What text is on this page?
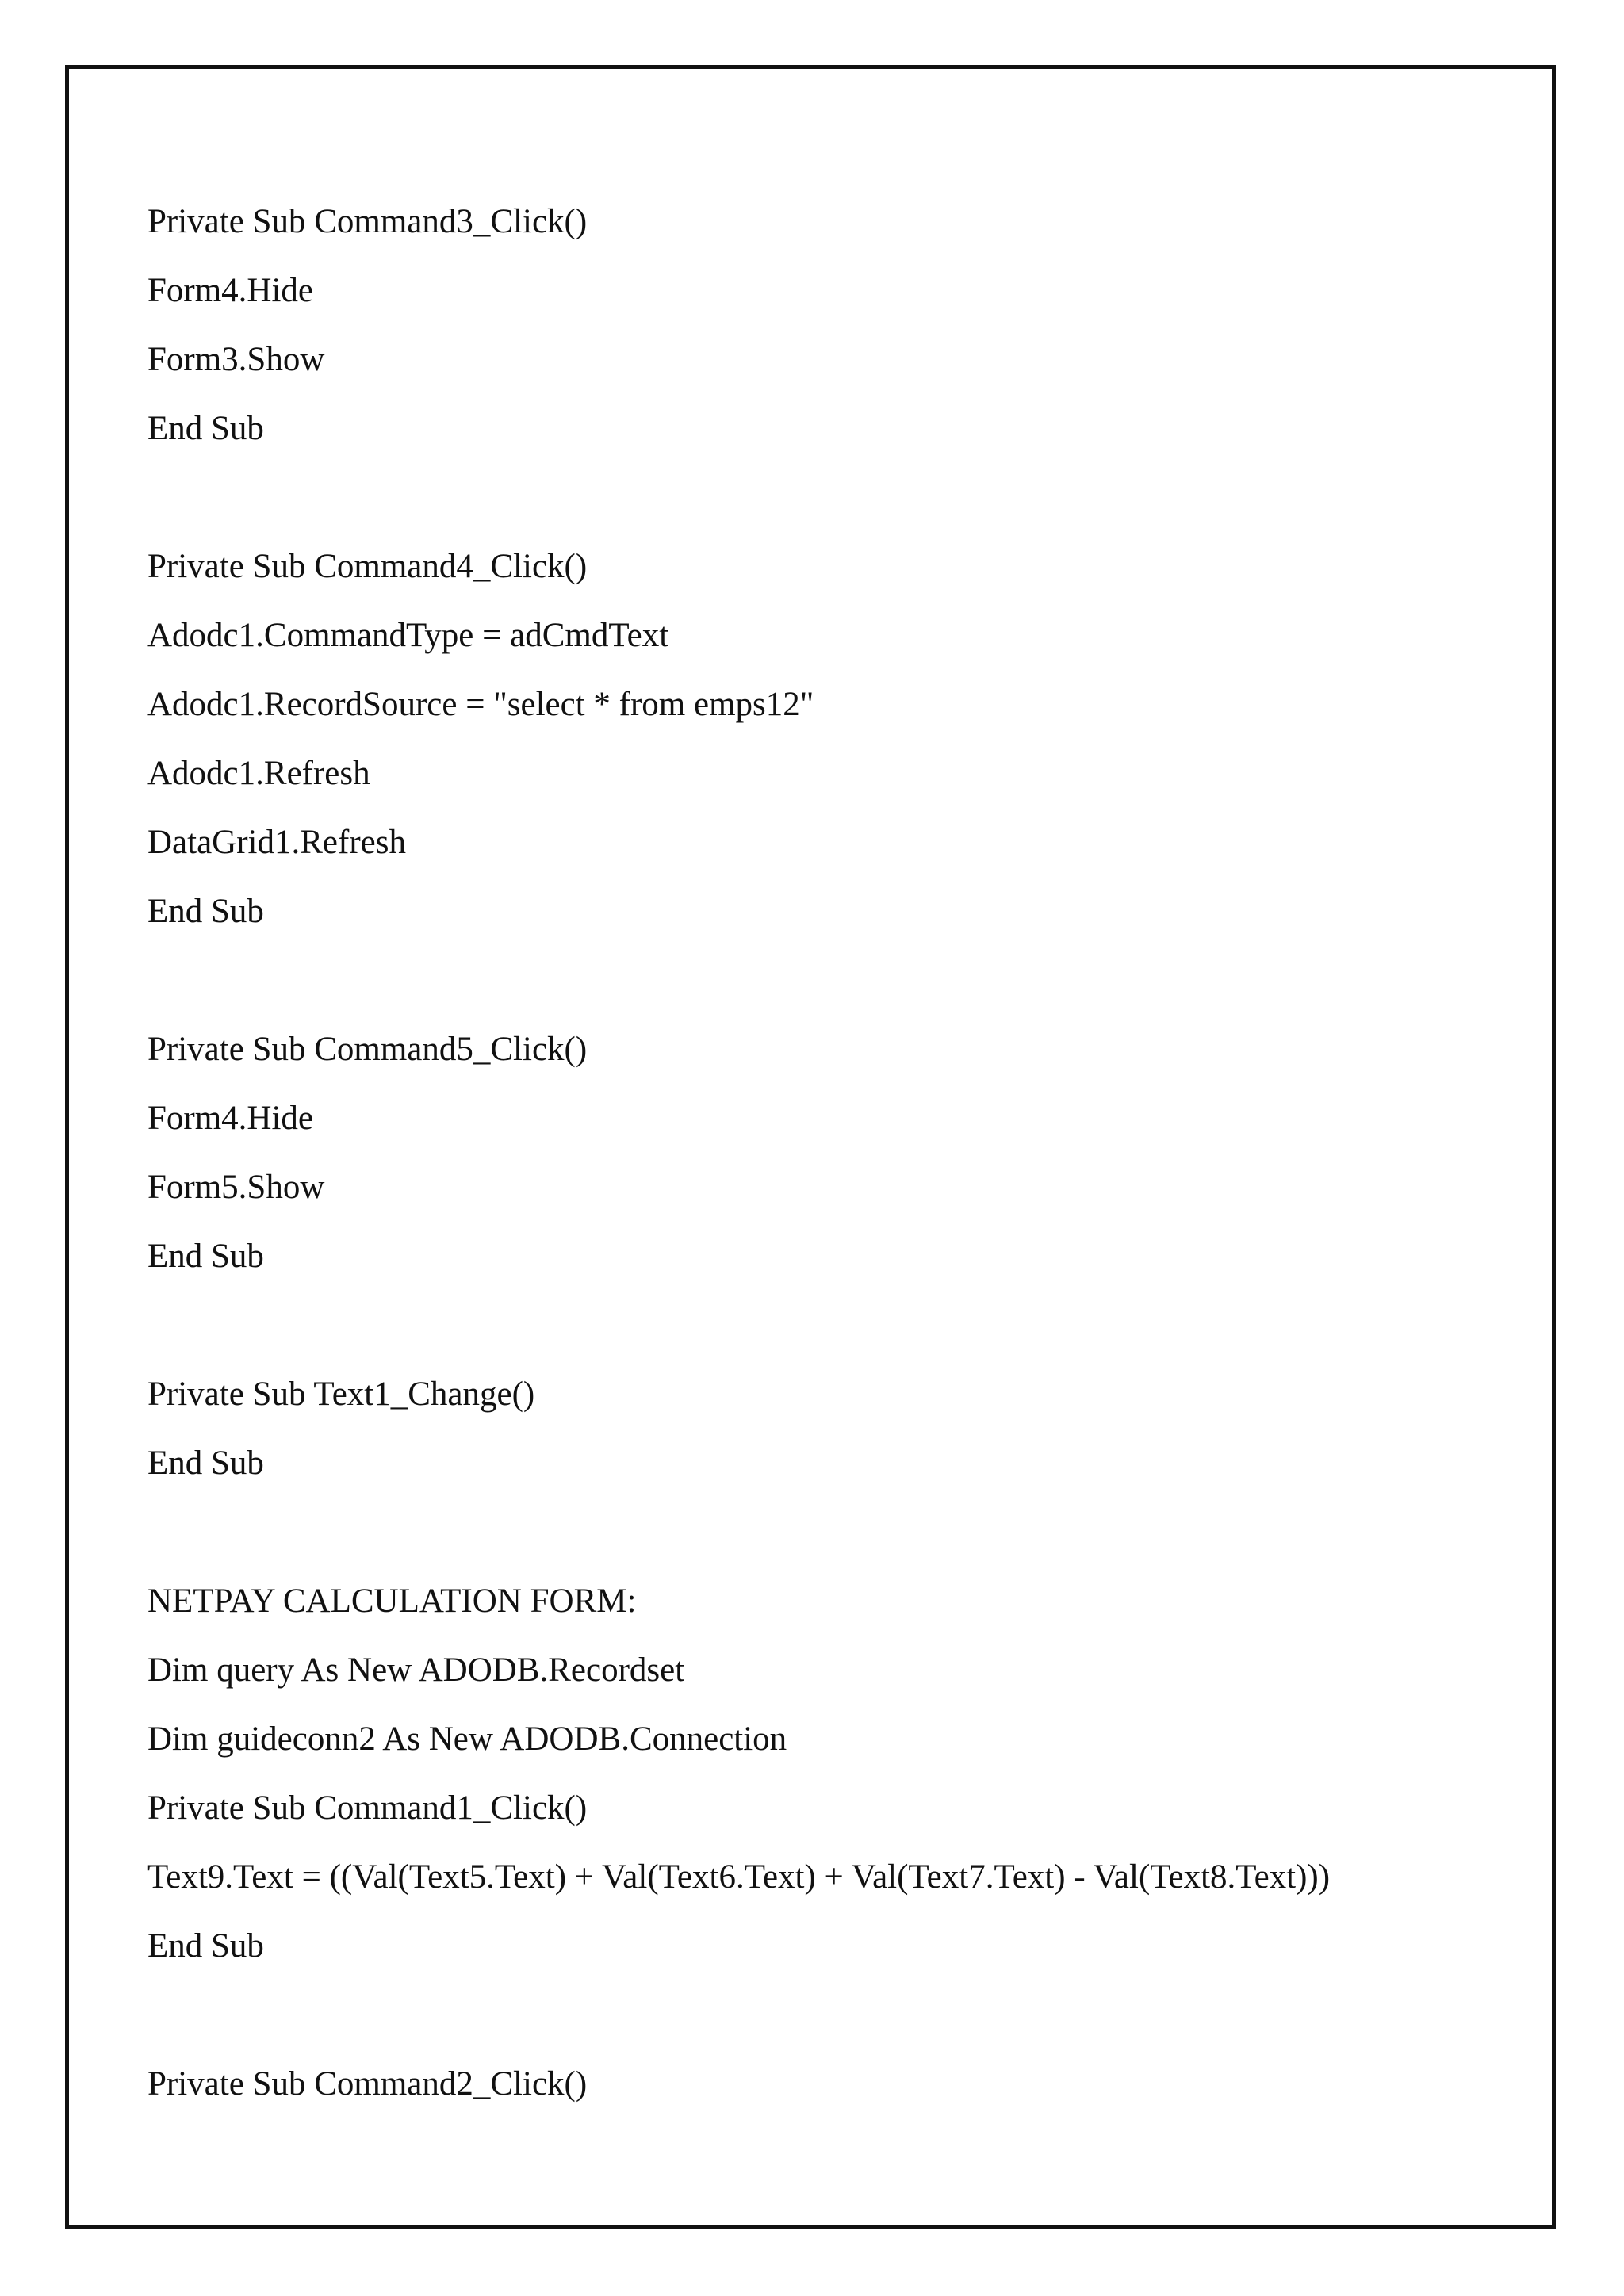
Private Sub Command3_Click()
Form4.Hide
Form3.Show
End Sub
Private Sub Command4_Click()
Adodc1.CommandType = adCmdText
Adodc1.RecordSource = "select * from emps12"
Adodc1.Refresh
DataGrid1.Refresh
End Sub
Private Sub Command5_Click()
Form4.Hide
Form5.Show
End Sub
Private Sub Text1_Change()
End Sub
NETPAY CALCULATION FORM:
Dim query As New ADODB.Recordset
Dim guideconn2 As New ADODB.Connection
Private Sub Command1_Click()
Text9.Text = ((Val(Text5.Text) + Val(Text6.Text) + Val(Text7.Text) - Val(Text8.Text)))
End Sub
Private Sub Command2_Click()
